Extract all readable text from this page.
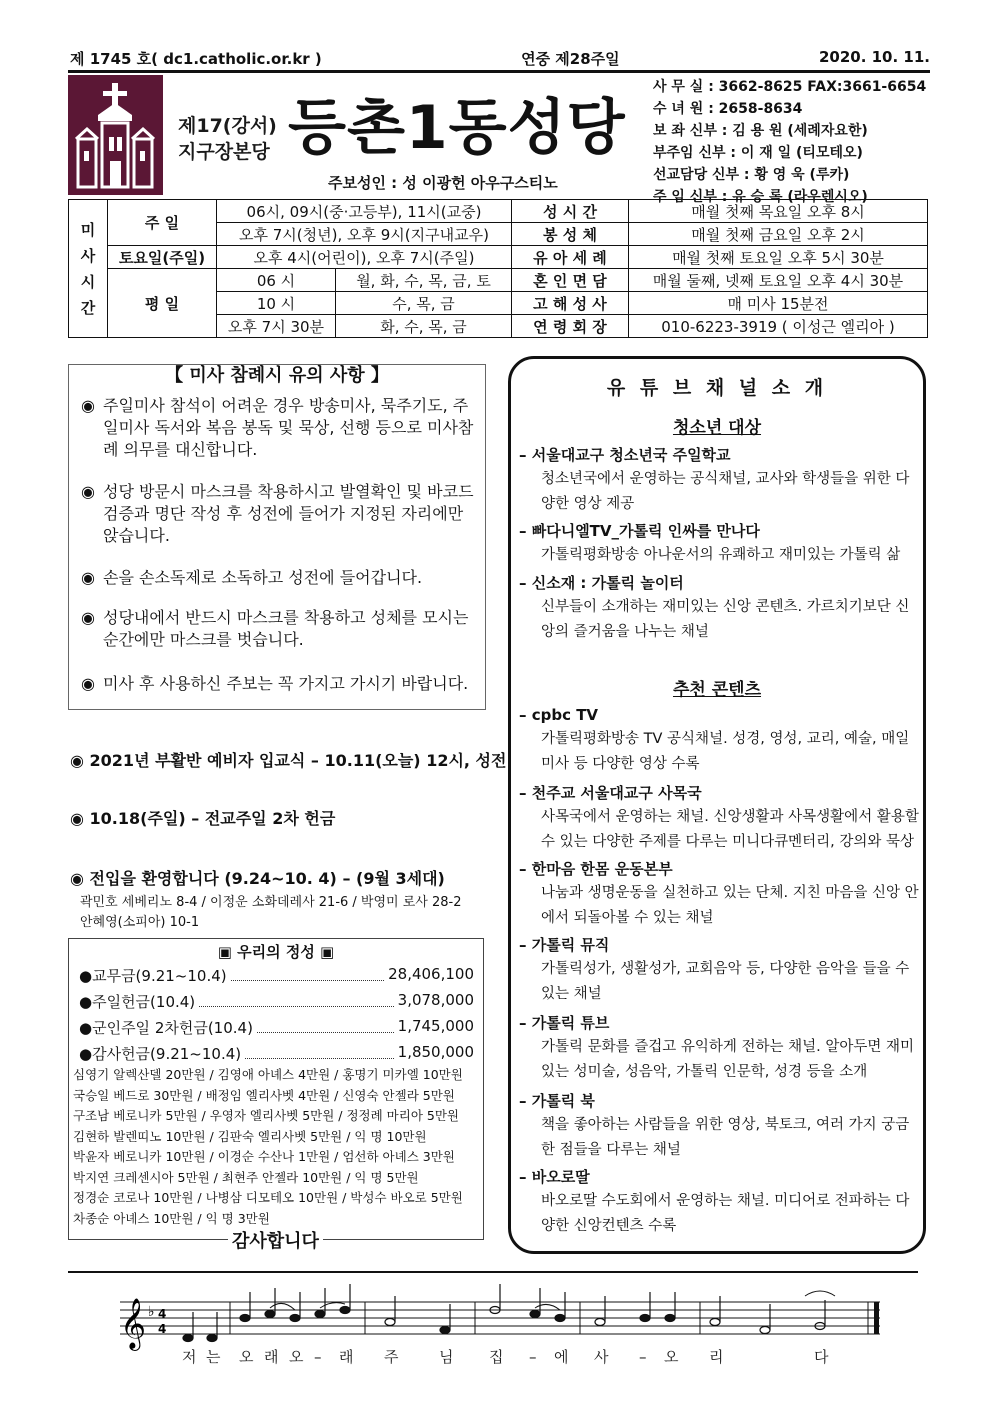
제 1745 호( dc1.catholic.or.kr )	연중 제28주일	2020. 10. 11.
제17(강서)
지구장본당 등촌1동성당
주보성인 : 성 이광헌 아우구스티노
사 무 실 : 3662-8625 FAX:3661-6654
수 녀 원 : 2658-8634
보 좌 신부 : 김 용 원 (세례자요한)
부주임 신부 : 이 재 일 (티모테오)
선교담당 신부 : 황 영 욱 (루카)
주 임 신부 : 유 승 록 (라우렌시오)
미
사
시
간	주 일	06시, 09시(중·고등부), 11시(교중)		성 시 간	매월 첫째 목요일 오후 8시
		오후 7시(청년), 오후 9시(지구내교우)		봉 성 체	매월 첫째 금요일 오후 2시
	토요일(주일)	오후 4시(어린이), 오후 7시(주일)		유 아 세 례	매월 첫째 토요일 오후 5시 30분
	평 일	06 시	월, 화, 수, 목, 금, 토	혼 인 면 담	매월 둘째, 넷째 토요일 오후 4시 30분
		10 시	수, 목, 금	고 해 성 사	매 미사 15분전
		오후 7시 30분	화, 수, 목, 금	연 령 회 장	010-6223-3919 ( 이성근 엘리아 )
【 미사 참례시 유의 사항 】
◉ 주일미사 참석이 어려운 경우 방송미사, 묵주기도, 주일미사 독서와 복음 봉독 및 묵상, 선행 등으로 미사참례 의무를 대신합니다.
◉ 성당 방문시 마스크를 착용하시고 발열확인 및 바코드 검증과 명단 작성 후 성전에 들어가 지정된 자리에만 앉습니다.
◉ 손을 손소독제로 소독하고 성전에 들어갑니다.
◉ 성당내에서 반드시 마스크를 착용하고 성체를 모시는 순간에만 마스크를 벗습니다.
◉ 미사 후 사용하신 주보는 꼭 가지고 가시기 바랍니다.
◉ 2021년 부활반 예비자 입교식 – 10.11(오늘) 12시, 성전
◉ 10.18(주일) – 전교주일 2차 헌금
◉ 전입을 환영합니다 (9.24~10. 4) – (9월 3세대)
곽민호 세베리노 8-4 / 이정운 소화데레사 21-6 / 박영미 로사 28-2
안혜영(소피아) 10-1
▣ 우리의 정성 ▣
●교무금(9.21~10.4)	28,406,100
●주일헌금(10.4)	3,078,000
●군인주일 2차헌금(10.4)	1,745,000
●감사헌금(9.21~10.4)	1,850,000
심영기 알렉산델 20만원 / 김영애 아녜스 4만원 / 홍명기 미카엘 10만원
국승일 베드로 30만원 / 배정임 엘리사벳 4만원 / 신영숙 안젤라 5만원
구조남 베로니카 5만원 / 우영자 엘리사벳 5만원 / 정정례 마리아 5만원
김현하 발렌띠노 10만원 / 김판숙 엘리사벳 5만원 / 익 명 10만원
박윤자 베로니카 10만원 / 이경순 수산나 1만원 / 엄선하 아녜스 3만원
박지연 크레센시아 5만원 / 최현주 안젤라 10만원 / 익 명 5만원
정경순 코로나 10만원 / 나병삼 디모테오 10만원 / 박성수 바오로 5만원
차종순 아녜스 10만원 / 익 명 3만원
감사합니다
유 튜 브 채 널 소 개
청소년 대상
– 서울대교구 청소년국 주일학교
청소년국에서 운영하는 공식채널, 교사와 학생들을 위한 다양한 영상 제공
– 빠다니엘TV_가톨릭 인싸를 만나다
가톨릭평화방송 아나운서의 유쾌하고 재미있는 가톨릭 삶
– 신소재 : 가톨릭 놀이터
신부들이 소개하는 재미있는 신앙 콘텐츠. 가르치기보단 신앙의 즐거움을 나누는 채널
추천 콘텐츠
– cpbc TV
가톨릭평화방송 TV 공식채널. 성경, 영성, 교리, 예술, 매일미사 등 다양한 영상 수록
– 천주교 서울대교구 사목국
사목국에서 운영하는 채널. 신앙생활과 사목생활에서 활용할 수 있는 다양한 주제를 다루는 미니다큐멘터리, 강의와 묵상
– 한마음 한몸 운동본부
나눔과 생명운동을 실천하고 있는 단체. 지친 마음을 신앙 안에서 되돌아볼 수 있는 채널
– 가톨릭 뮤직
가톨릭성가, 생활성가, 교회음악 등, 다양한 음악을 들을 수 있는 채널
– 가톨릭 튜브
가톨릭 문화를 즐겁고 유익하게 전하는 채널. 알아두면 재미있는 성미술, 성음악, 가톨릭 인문학, 성경 등을 소개
– 가톨릭 북
책을 좋아하는 사람들을 위한 영상, 북토크, 여러 가지 궁금한 점들을 다루는 채널
– 바오로딸
바오로딸 수도회에서 운영하는 채널. 미디어로 전파하는 다양한 신앙컨텐츠 수록
𝄞 ♭ 4
4
저 는 오 래 오 – 래 주	님 집 – 에 사 – 오 리	다
